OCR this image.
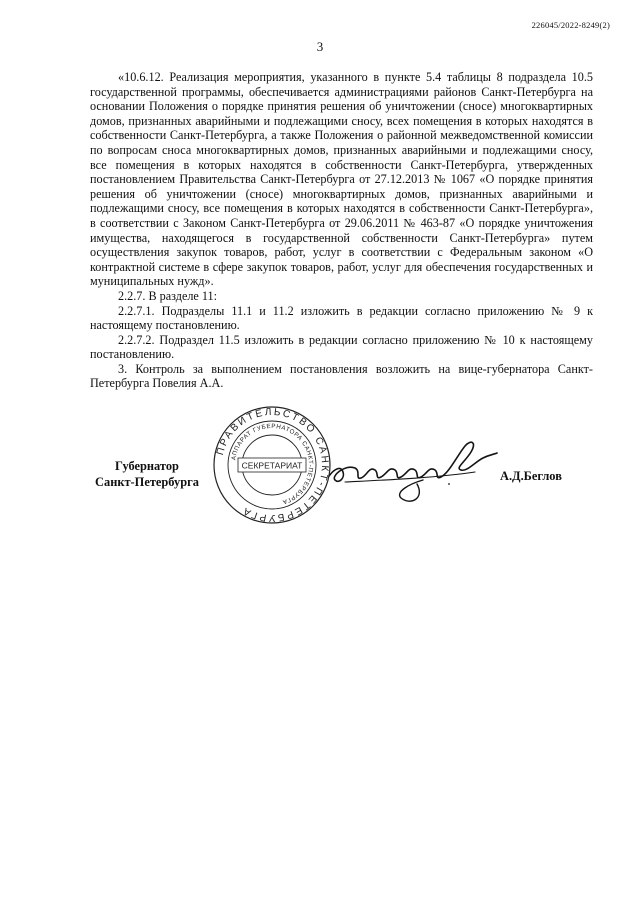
226045/2022-8249(2)
3

«10.6.12. Реализация мероприятия, указанного в пункте 5.4 таблицы 8 подраздела 10.5 государственной программы, обеспечивается администрациями районов Санкт-Петербурга на основании Положения о порядке принятия решения об уничтожении (сносе) многоквартирных домов, признанных аварийными и подлежащими сносу, всех помещения в которых находятся в собственности Санкт-Петербурга, а также Положения о районной межведомственной комиссии по вопросам сноса многоквартирных домов, признанных аварийными и подлежащими сносу, все помещения в которых находятся в собственности Санкт-Петербурга, утвержденных постановлением Правительства Санкт-Петербурга от 27.12.2013 № 1067 «О порядке принятия решения об уничтожении (сносе) многоквартирных домов, признанных аварийными и подлежащими сносу, все помещения в которых находятся в собственности Санкт-Петербурга», в соответствии с Законом Санкт-Петербурга от 29.06.2011 № 463-87 «О порядке уничтожения имущества, находящегося в государственной собственности Санкт-Петербурга» путем осуществления закупок товаров, работ, услуг в соответствии с Федеральным законом «О контрактной системе в сфере закупок товаров, работ, услуг для обеспечения государственных и муниципальных нужд».

2.2.7. В разделе 11:

2.2.7.1. Подразделы 11.1 и 11.2 изложить в редакции согласно приложению № 9 к настоящему постановлению.

2.2.7.2. Подраздел 11.5 изложить в редакции согласно приложению № 10 к настоящему постановлению.

3. Контроль за выполнением постановления возложить на вице-губернатора Санкт-Петербурга Повелия А.А.

Губернатор
Санкт-Петербурга
ПРАВИТЕЛЬСТВО САНКТ-ПЕТЕРБУРГА
АППАРАТ ГУБЕРНАТОРА САНКТ-ПЕТЕРБУРГА
СЕКРЕТАРИАТ
А.Д.Беглов
